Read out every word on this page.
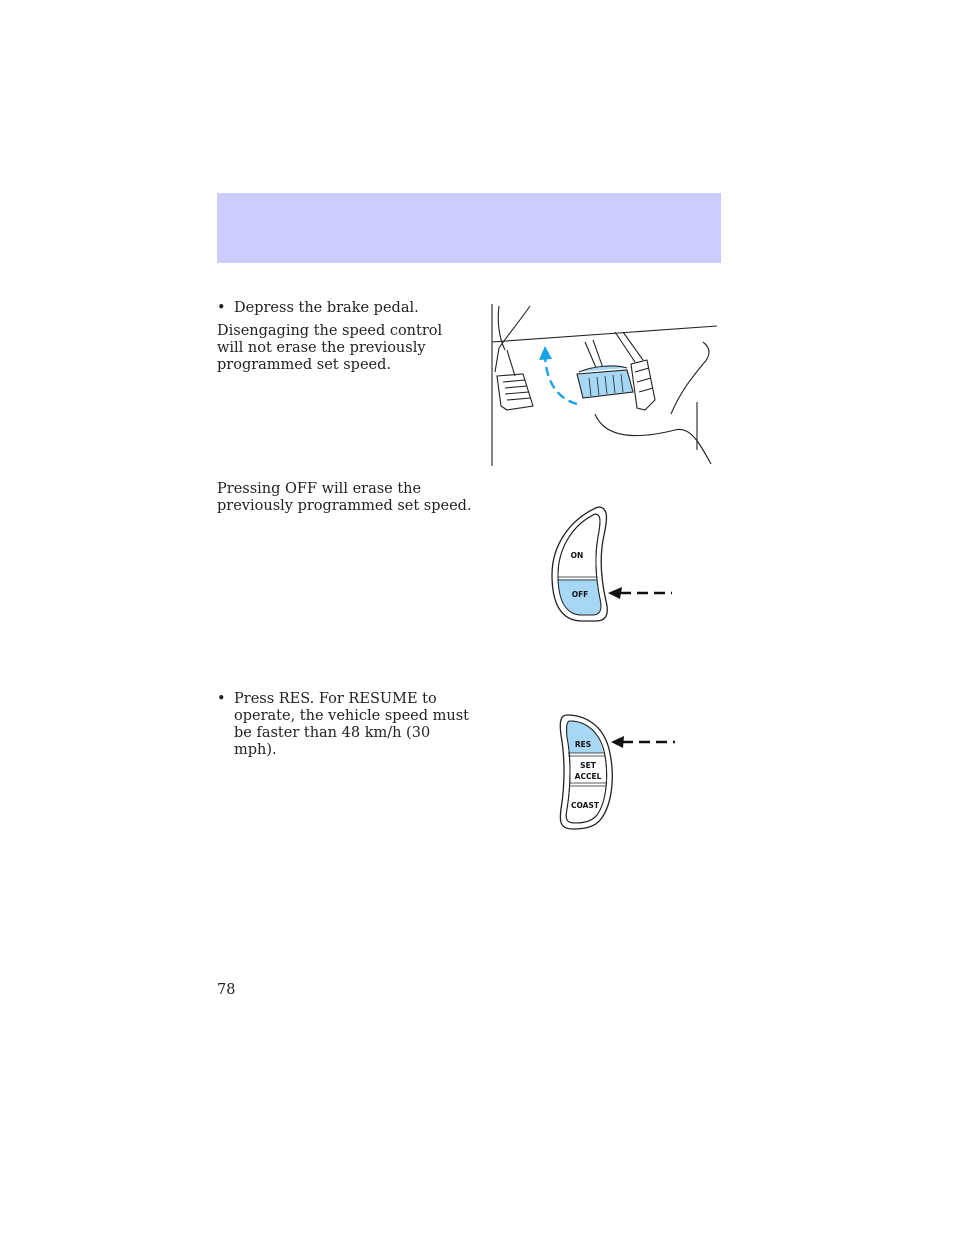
• Depress the brake pedal.

Disengaging the speed control will not erase the previously programmed set speed.

Pressing OFF will erase the previously programmed set speed.

• Press RES. For RESUME to operate, the vehicle speed must be faster than 48 km/h (30 mph).
ON
OFF
RES
SET
ACCEL
COAST
78
